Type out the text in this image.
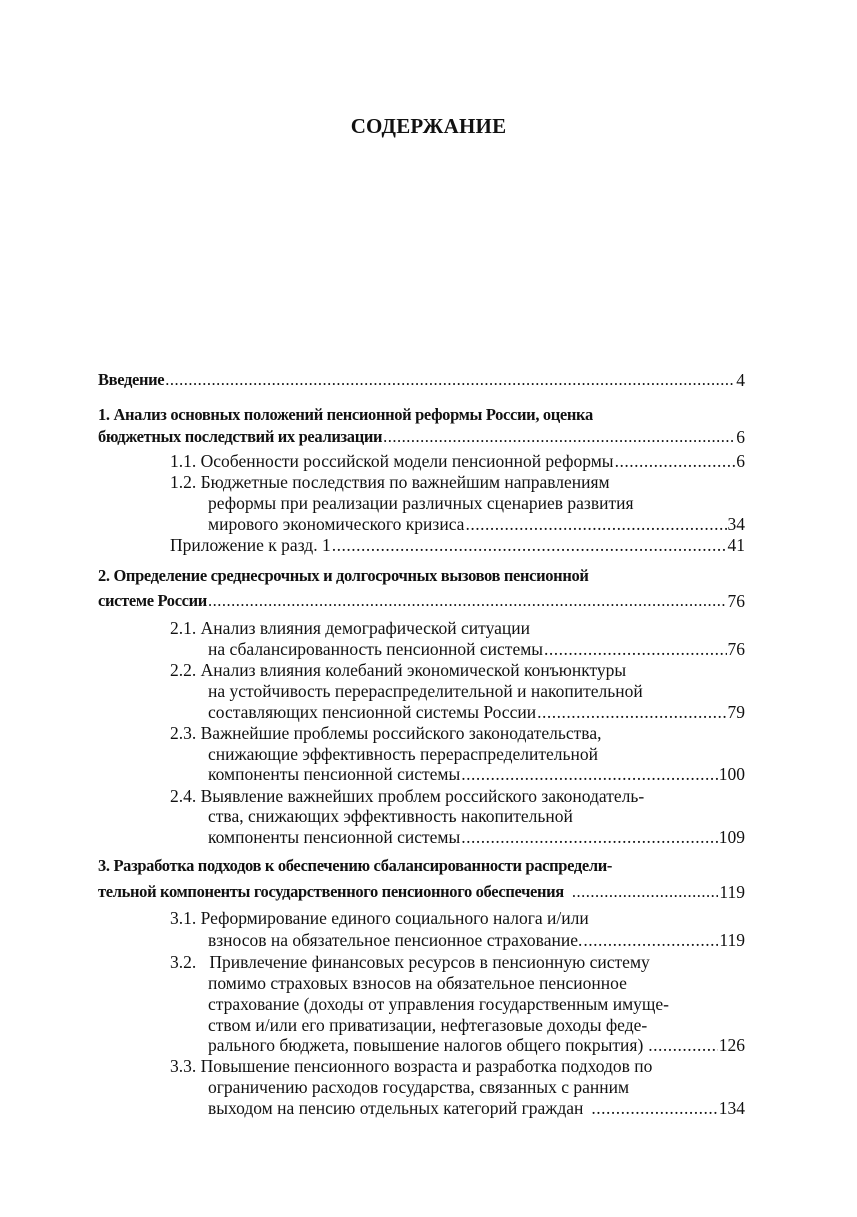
СОДЕРЖАНИЕ
Введение .....	4
1. Анализ основных положений пенсионной реформы России, оценка
бюджетных последствий их реализации .....	6
1.1. Особенности российской модели пенсионной реформы .....	6
1.2. Бюджетные последствия по важнейшим направлениям
реформы при реализации различных сценариев развития
мирового экономического кризиса .....	34
Приложение к разд. 1 .....	41
2. Определение среднесрочных и долгосрочных вызовов пенсионной
системе России .....	76
2.1. Анализ влияния демографической ситуации
на сбалансированность пенсионной системы .....	76
2.2. Анализ влияния колебаний экономической конъюнктуры
на устойчивость перераспределительной и накопительной
составляющих пенсионной системы России .....	79
2.3. Важнейшие проблемы российского законодательства,
снижающие эффективность перераспределительной
компоненты пенсионной системы .....	100
2.4. Выявление важнейших проблем российского законодатель-
ства, снижающих эффективность накопительной
компоненты пенсионной системы .....	109
3. Разработка подходов к обеспечению сбалансированности распредели-
тельной компоненты государственного пенсионного обеспечения .....	119
3.1. Реформирование единого социального налога и/или
взносов на обязательное пенсионное страхование. .....	119
3.2.   Привлечение финансовых ресурсов в пенсионную систему
помимо страховых взносов на обязательное пенсионное
страхование (доходы от управления государственным имуще-
ством и/или его приватизации, нефтегазовые доходы феде-
рального бюджета, повышение налогов общего покрытия) .....	126
3.3. Повышение пенсионного возраста и разработка подходов по
ограничению расходов государства, связанных с ранним
выходом на пенсию отдельных категорий граждан .....	134
